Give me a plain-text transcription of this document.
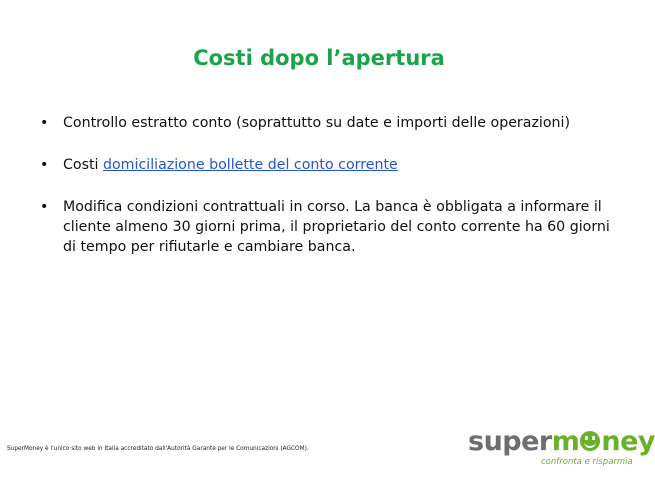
Costi dopo l’apertura
• Controllo estratto conto (soprattutto su date e importi delle operazioni)
• Costi domiciliazione bollette del conto corrente
• Modifica condizioni contrattuali in corso. La banca è obbligata a informare il cliente almeno 30 giorni prima, il proprietario del conto corrente ha 60 giorni di tempo per rifiutarle e cambiare banca.
SuperMoney è l'unico sito web in Italia accreditato dall'Autorità Garante per le Comunicazioni (AGCOM).	superm ney
confronta e risparmia
